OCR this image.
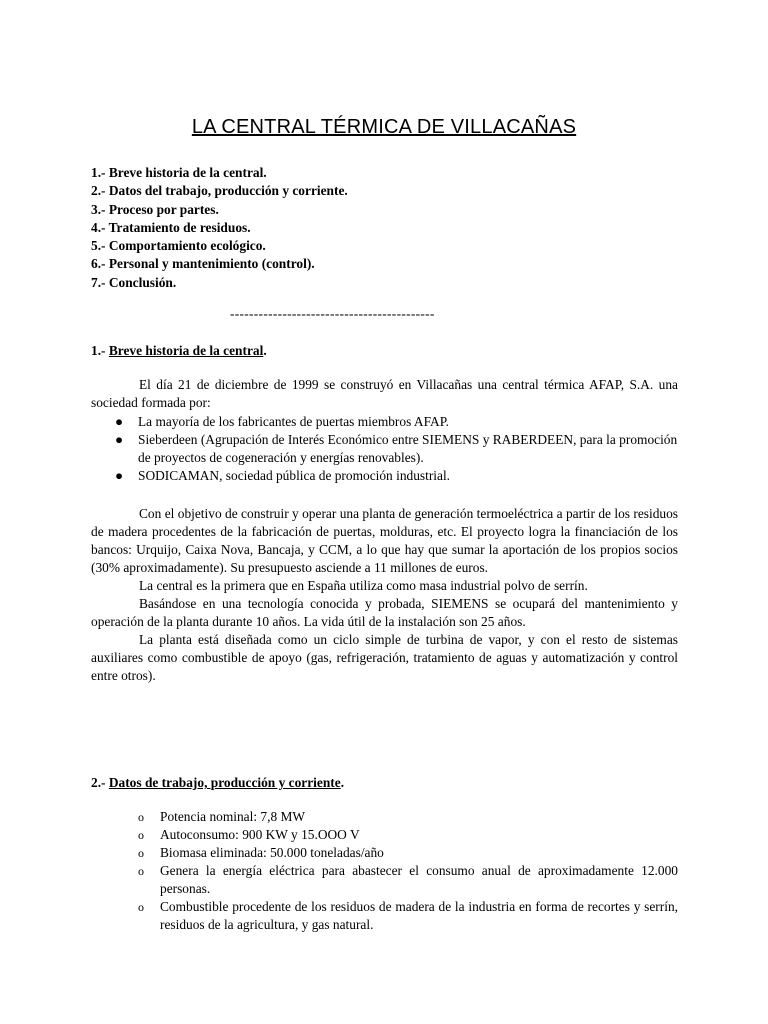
LA CENTRAL TÉRMICA DE VILLACAÑAS
1.- Breve historia de la central.
2.- Datos del trabajo, producción y corriente.
3.- Proceso por partes.
4.- Tratamiento de residuos.
5.- Comportamiento ecológico.
6.- Personal y mantenimiento (control).
7.- Conclusión.
-------------------------------------------
1.- Breve historia de la central.
El día 21 de diciembre de 1999 se construyó en Villacañas una central térmica AFAP, S.A. una sociedad formada por:
● La mayoría de los fabricantes de puertas miembros AFAP.
● Sieberdeen (Agrupación de Interés Económico entre SIEMENS y RABERDEEN, para la promoción de proyectos de cogeneración y energías renovables).
● SODICAMAN, sociedad pública de promoción industrial.
Con el objetivo de construir y operar una planta de generación termoeléctrica a partir de los residuos de madera procedentes de la fabricación de puertas, molduras, etc. El proyecto logra la financiación de los bancos: Urquijo, Caixa Nova, Bancaja, y CCM, a lo que hay que sumar la aportación de los propios socios (30% aproximadamente). Su presupuesto asciende a 11 millones de euros.
La central es la primera que en España utiliza como masa industrial polvo de serrín.
Basándose en una tecnología conocida y probada, SIEMENS se ocupará del mantenimiento y operación de la planta durante 10 años. La vida útil de la instalación son 25 años.
La planta está diseñada como un ciclo simple de turbina de vapor, y con el resto de sistemas auxiliares como combustible de apoyo (gas, refrigeración, tratamiento de aguas y automatización y control entre otros).
2.- Datos de trabajo, producción y corriente.
o Potencia nominal: 7,8 MW
o Autoconsumo: 900 KW y 15.OOO V
o Biomasa eliminada: 50.000 toneladas/año
o Genera la energía eléctrica para abastecer el consumo anual de aproximadamente 12.000 personas.
o Combustible procedente de los residuos de madera de la industria en forma de recortes y serrín, residuos de la agricultura, y gas natural.
